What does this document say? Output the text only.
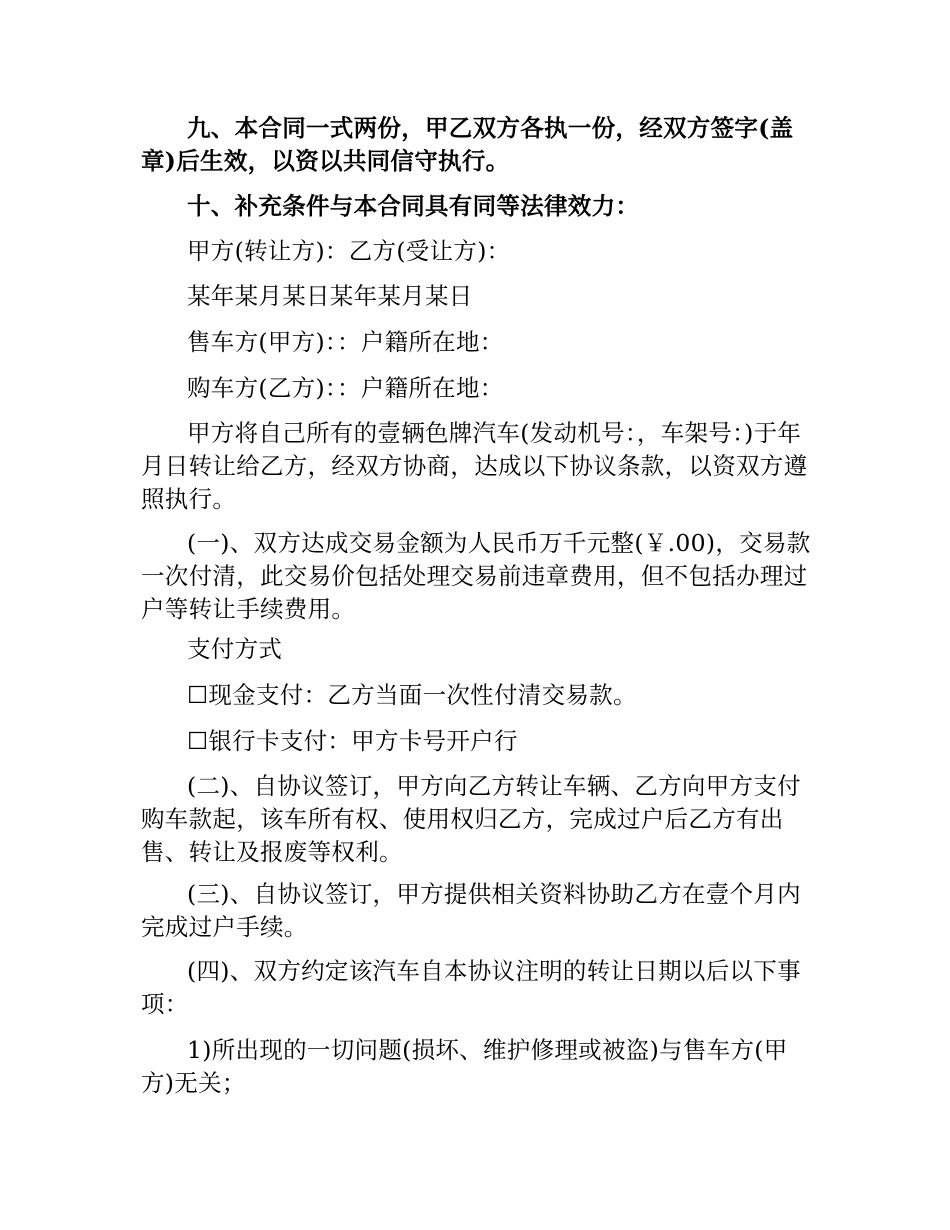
九、本合同一式两份，甲乙双方各执一份，经双方签字(盖章)后生效，以资以共同信守执行。

十、补充条件与本合同具有同等法律效力：

甲方(转让方)：乙方(受让方)：

某年某月某日某年某月某日

售车方(甲方)：：户籍所在地：

购车方(乙方)：：户籍所在地：

甲方将自己所有的壹辆色牌汽车(发动机号：，车架号：)于年月日转让给乙方，经双方协商，达成以下协议条款，以资双方遵照执行。

(一)、双方达成交易金额为人民币万千元整(￥.00)，交易款一次付清，此交易价包括处理交易前违章费用，但不包括办理过户等转让手续费用。

支付方式

☐现金支付：乙方当面一次性付清交易款。

☐银行卡支付：甲方卡号开户行

(二)、自协议签订，甲方向乙方转让车辆、乙方向甲方支付购车款起，该车所有权、使用权归乙方，完成过户后乙方有出售、转让及报废等权利。

(三)、自协议签订，甲方提供相关资料协助乙方在壹个月内完成过户手续。

(四)、双方约定该汽车自本协议注明的转让日期以后以下事项：

1)所出现的一切问题(损坏、维护修理或被盗)与售车方(甲方)无关；
